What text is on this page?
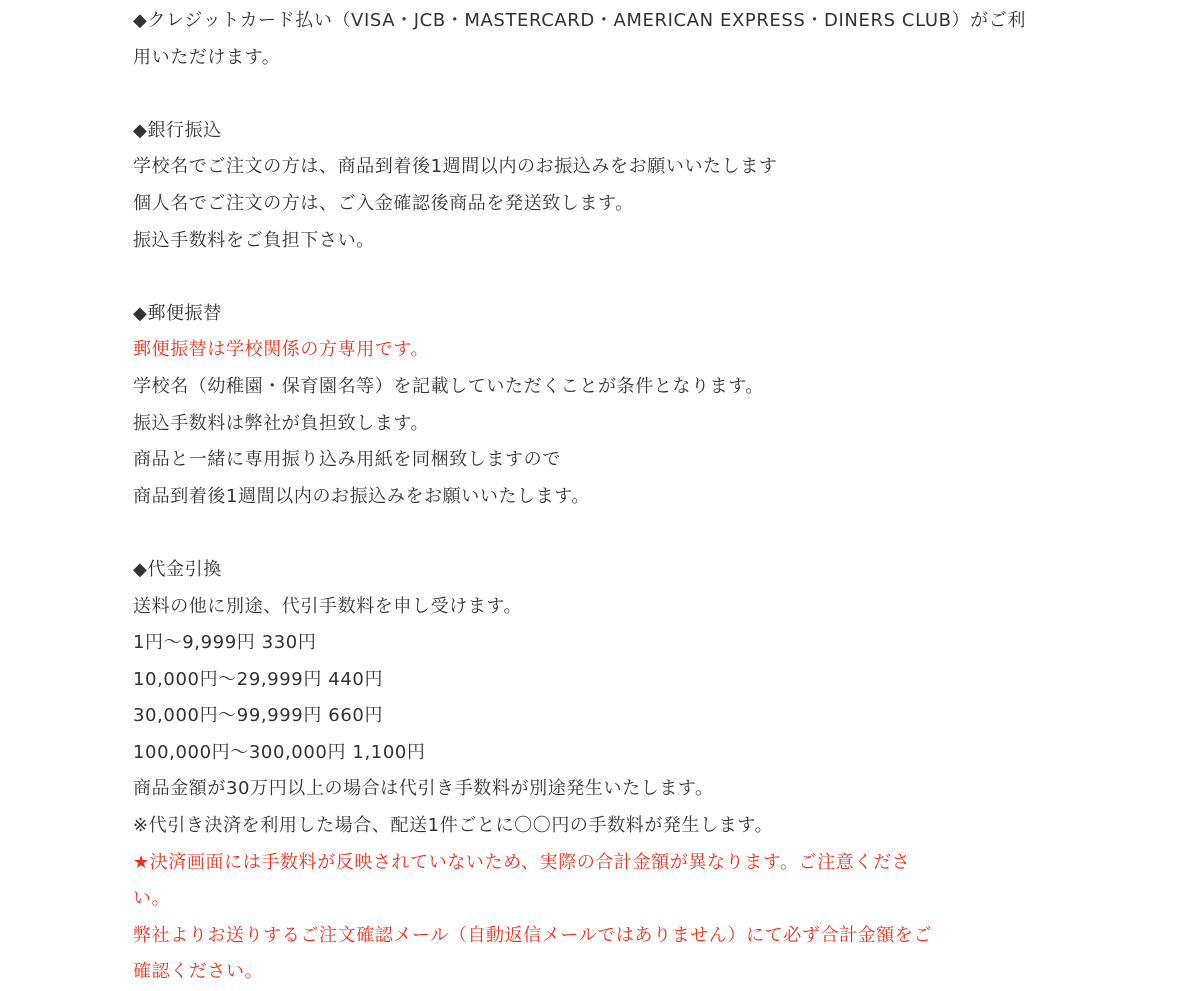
◆クレジットカード払い（VISA・JCB・MASTERCARD・AMERICAN EXPRESS・DINERS CLUB）がご利
用いただけます。
◆銀行振込
学校名でご注文の方は、商品到着後1週間以内のお振込みをお願いいたします
個人名でご注文の方は、ご入金確認後商品を発送致します。
振込手数料をご負担下さい。
◆郵便振替
郵便振替は学校関係の方専用です。
学校名（幼稚園・保育園名等）を記載していただくことが条件となります。
振込手数料は弊社が負担致します。
商品と一緒に専用振り込み用紙を同梱致しますので
商品到着後1週間以内のお振込みをお願いいたします。
◆代金引換
送料の他に別途、代引手数料を申し受けます。
1円〜9,999円 330円
10,000円〜29,999円 440円
30,000円〜99,999円 660円
100,000円〜300,000円 1,100円
商品金額が30万円以上の場合は代引き手数料が別途発生いたします。
※代引き決済を利用した場合、配送1件ごとに〇〇円の手数料が発生します。
★決済画面には手数料が反映されていないため、実際の合計金額が異なります。ご注意くださ
い。
弊社よりお送りするご注文確認メール（自動返信メールではありません）にて必ず合計金額をご
確認ください。
